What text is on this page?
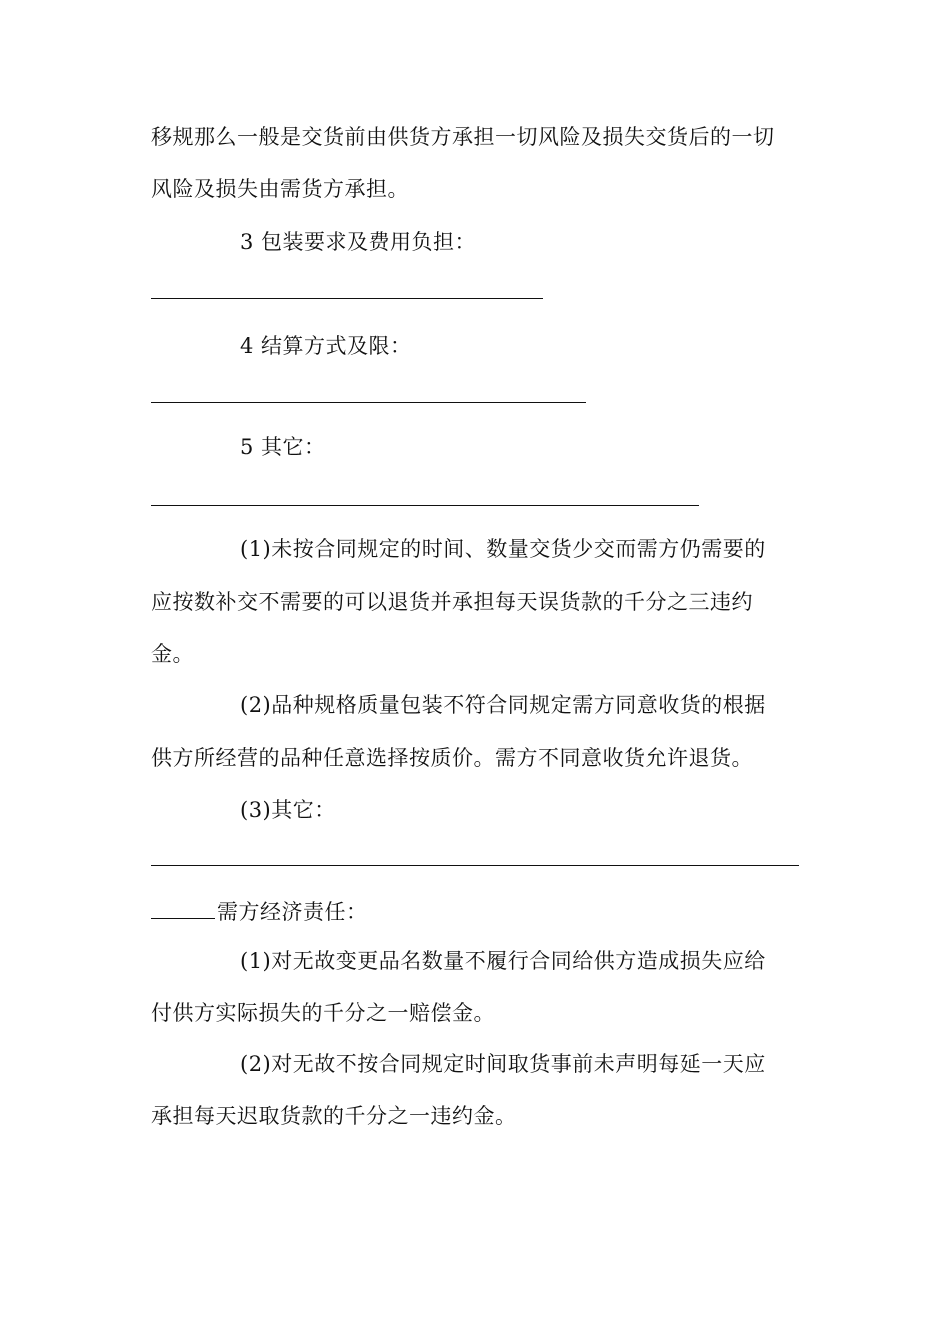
移规那么一般是交货前由供货方承担一切风险及损失交货后的一切
风险及损失由需货方承担。
3 包装要求及费用负担：
4 结算方式及限：
5 其它：
(1)未按合同规定的时间、数量交货少交而需方仍需要的
应按数补交不需要的可以退货并承担每天误货款的千分之三违约
金。
(2)品种规格质量包装不符合同规定需方同意收货的根据
供方所经营的品种任意选择按质价。需方不同意收货允许退货。
(3)其它：
需方经济责任：
(1)对无故变更品名数量不履行合同给供方造成损失应给
付供方实际损失的千分之一赔偿金。
(2)对无故不按合同规定时间取货事前未声明每延一天应
承担每天迟取货款的千分之一违约金。
